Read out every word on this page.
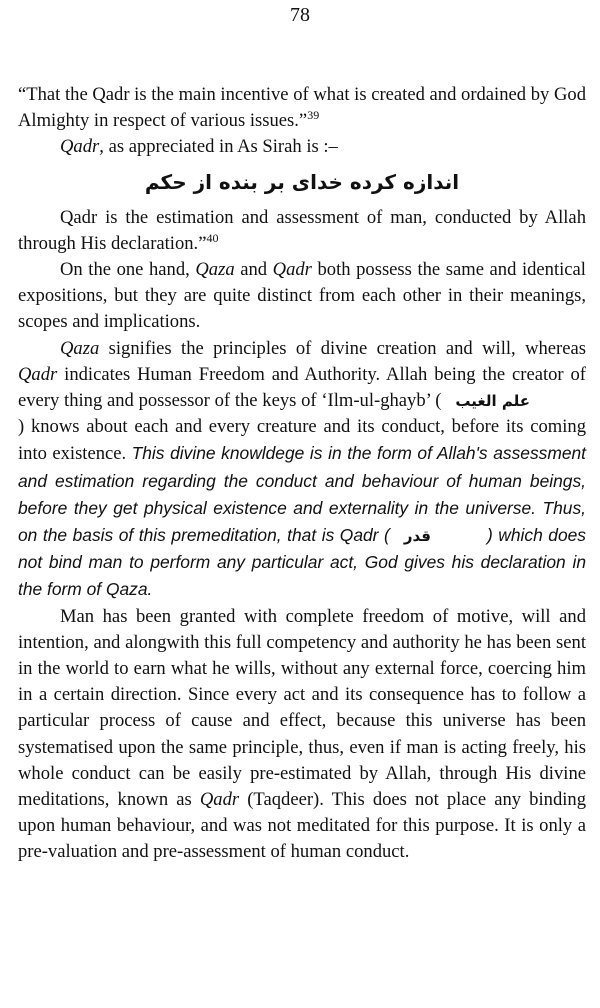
78

“That the Qadr is the main incentive of what is created and ordained by God Almighty in respect of various issues.”$^{39}$

Qadr, as appreciated in As Sirah is :–

اندازه کرده خدای بر بنده از حکم

Qadr is the estimation and assessment of man, conducted by Allah through His declaration.”$^{40}$

On the one hand, Qaza and Qadr both possess the same and identical expositions, but they are quite distinct from each other in their meanings, scopes and implications.

Qaza signifies the principles of divine creation and will, whereas Qadr indicates Human Freedom and Authority. Allah being the creator of every thing and possessor of the keys of ‘Ilm-ul-ghayb’ ( علم الغيب) knows about each and every creature and its conduct, before its coming into existence. This divine knowldege is in the form of Allah's assessment and estimation regarding the conduct and behaviour of human beings, before they get physical existence and externality in the universe. Thus, on the basis of this premeditation, that is Qadr ( قدر	) which does not bind man to perform any particular act, God gives his declaration in the form of Qaza.

Man has been granted with complete freedom of motive, will and intention, and alongwith this full competency and authority he has been sent in the world to earn what he wills, without any external force, coercing him in a certain direction. Since every act and its consequence has to follow a particular process of cause and effect, because this universe has been systematised upon the same principle, thus, even if man is acting freely, his whole conduct can be easily pre-estimated by Allah, through His divine meditations, known as Qadr (Taqdeer). This does not place any binding upon human behaviour, and was not meditated for this purpose. It is only a pre-valuation and pre-assessment of human conduct.
